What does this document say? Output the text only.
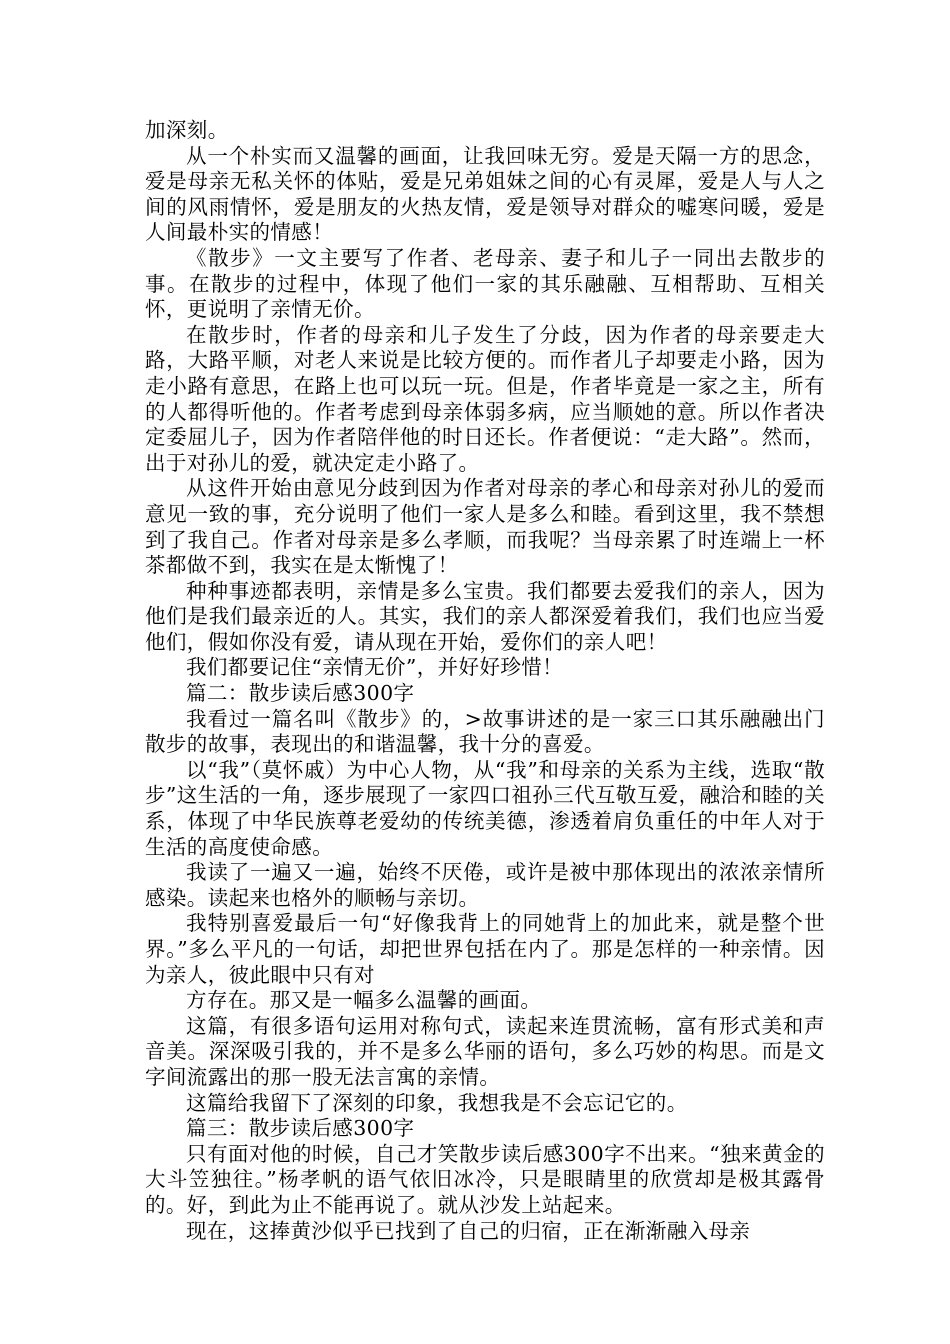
加深刻。

从一个朴实而又温馨的画面，让我回味无穷。爱是天隔一方的思念，爱是母亲无私关怀的体贴，爱是兄弟姐妹之间的心有灵犀，爱是人与人之间的风雨情怀，爱是朋友的火热友情，爱是领导对群众的嘘寒问暖，爱是人间最朴实的情感！

《散步》一文主要写了作者、老母亲、妻子和儿子一同出去散步的事。在散步的过程中，体现了他们一家的其乐融融、互相帮助、互相关怀，更说明了亲情无价。

在散步时，作者的母亲和儿子发生了分歧，因为作者的母亲要走大路，大路平顺，对老人来说是比较方便的。而作者儿子却要走小路，因为走小路有意思，在路上也可以玩一玩。但是，作者毕竟是一家之主，所有的人都得听他的。作者考虑到母亲体弱多病，应当顺她的意。所以作者决定委屈儿子，因为作者陪伴他的时日还长。作者便说：“走大路”。然而，出于对孙儿的爱，就决定走小路了。

从这件开始由意见分歧到因为作者对母亲的孝心和母亲对孙儿的爱而意见一致的事，充分说明了他们一家人是多么和睦。看到这里，我不禁想到了我自己。作者对母亲是多么孝顺，而我呢？当母亲累了时连端上一杯茶都做不到，我实在是太惭愧了！

种种事迹都表明，亲情是多么宝贵。我们都要去爱我们的亲人，因为他们是我们最亲近的人。其实，我们的亲人都深爱着我们，我们也应当爱他们，假如你没有爱，请从现在开始，爱你们的亲人吧！

我们都要记住“亲情无价”，并好好珍惜！

篇二：散步读后感300字

我看过一篇名叫《散步》的，>故事讲述的是一家三口其乐融融出门散步的故事，表现出的和谐温馨，我十分的喜爱。

以“我”（莫怀戚）为中心人物，从“我”和母亲的关系为主线，选取“散步”这生活的一角，逐步展现了一家四口祖孙三代互敬互爱，融洽和睦的关系，体现了中华民族尊老爱幼的传统美德，渗透着肩负重任的中年人对于生活的高度使命感。

我读了一遍又一遍，始终不厌倦，或许是被中那体现出的浓浓亲情所感染。读起来也格外的顺畅与亲切。

我特别喜爱最后一句“好像我背上的同她背上的加此来，就是整个世界。”多么平凡的一句话，却把世界包括在内了。那是怎样的一种亲情。因为亲人，彼此眼中只有对

方存在。那又是一幅多么温馨的画面。

这篇，有很多语句运用对称句式，读起来连贯流畅，富有形式美和声音美。深深吸引我的，并不是多么华丽的语句，多么巧妙的构思。而是文字间流露出的那一股无法言寓的亲情。

这篇给我留下了深刻的印象，我想我是不会忘记它的。

篇三：散步读后感300字

只有面对他的时候，自己才笑散步读后感300字不出来。“独来黄金的大斗笠独往。”杨孝帆的语气依旧冰冷，只是眼睛里的欣赏却是极其露骨的。好，到此为止不能再说了。就从沙发上站起来。

现在，这捧黄沙似乎已找到了自己的归宿，正在渐渐融入母亲
